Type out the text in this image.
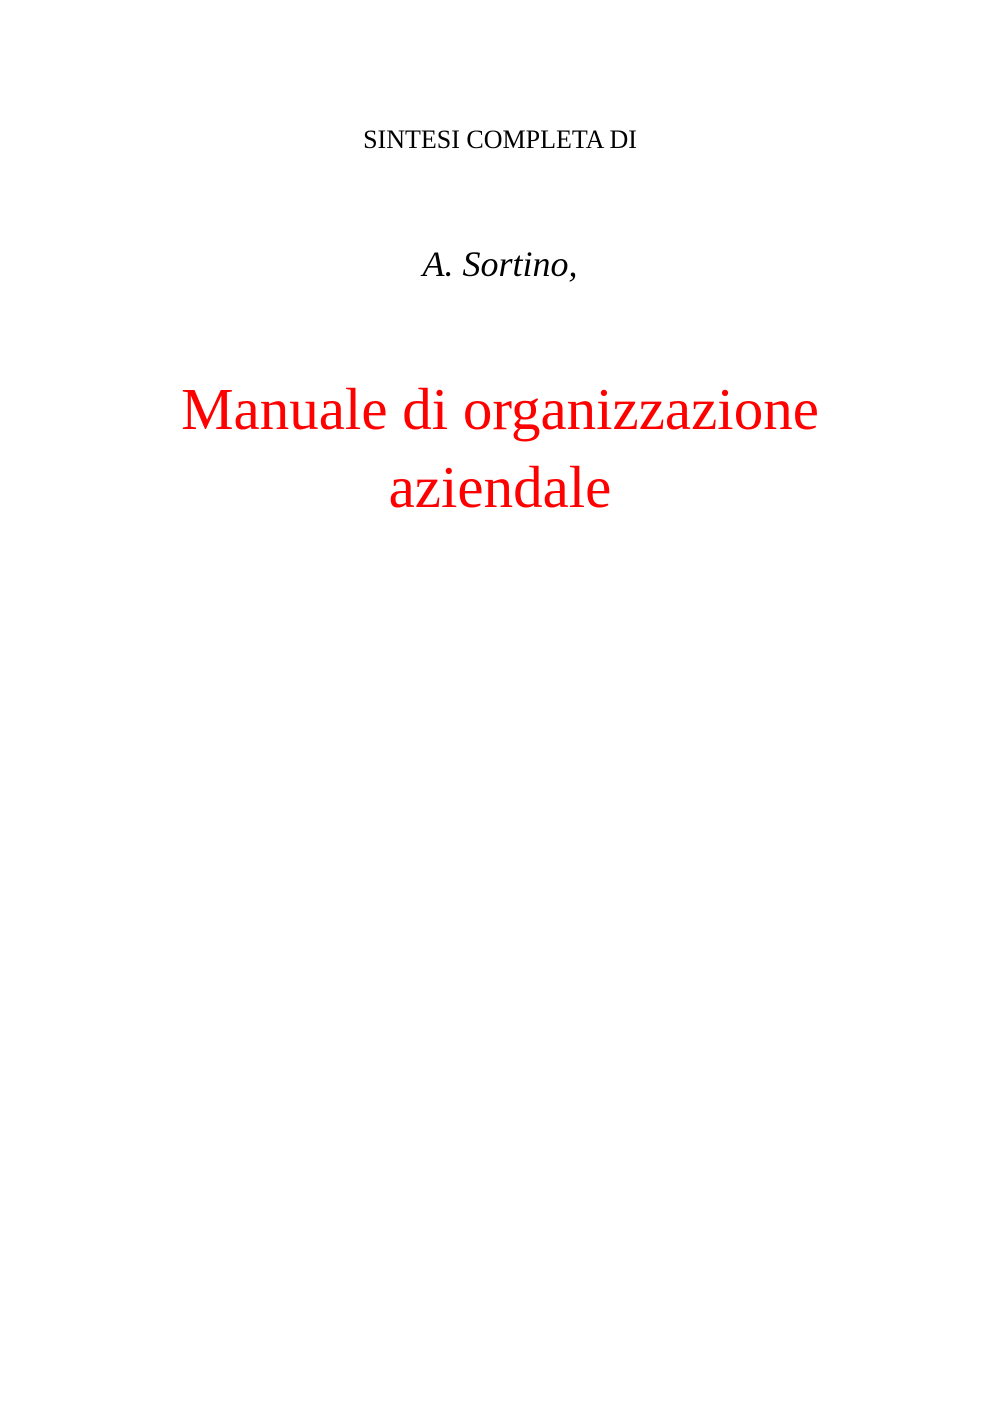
SINTESI COMPLETA DI
A. Sortino,
Manuale di organizzazione
aziendale
